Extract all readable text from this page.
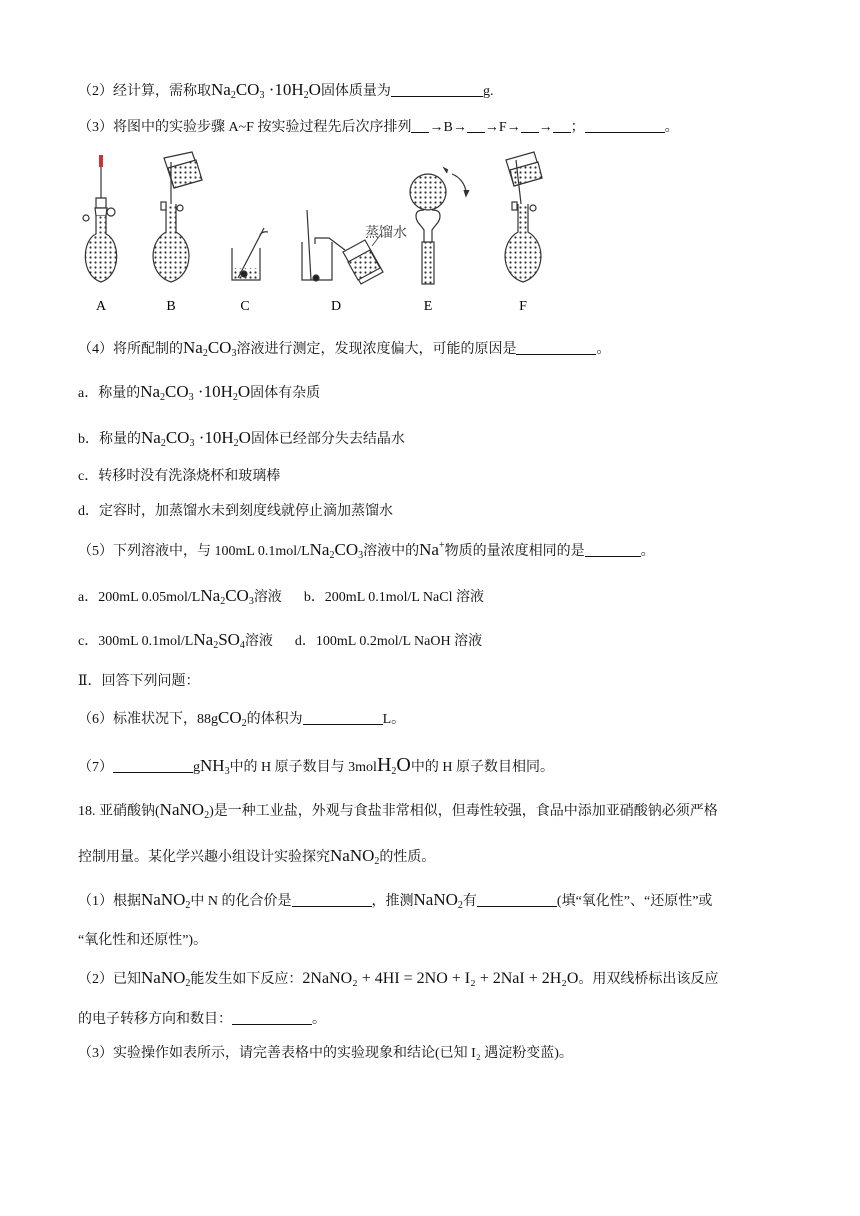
（2）经计算，需称取$Na_2CO_3 \cdot 10H_2O$固体质量为	g.
（3）将图中的实验步骤 A~F 按实验过程先后次序排列 →B→ →F→ → ；	。
蒸馏水
A	B	C	D	E	F
（4）将所配制的$Na_2CO_3$溶液进行测定，发现浓度偏大，可能的原因是	。
a．称量的$Na_2CO_3 \cdot 10H_2O$固体有杂质
b．称量的$Na_2CO_3 \cdot 10H_2O$固体已经部分失去结晶水
c．转移时没有洗涤烧杯和玻璃棒
d．定容时，加蒸馏水未到刻度线就停止滴加蒸馏水
（5）下列溶液中，与 100mL $0.1mol/LNa_2CO_3$溶液中的Na+物质的量浓度相同的是	。
a．200mL $0.05mol/LNa_2CO_3$溶液 b．200mL 0.1mol/L NaCl 溶液
c．300mL $0.1mol/LNa_2SO_4$溶液 d．100mL 0.2mol/L NaOH 溶液
Ⅱ．回答下列问题：
（6）标准状况下，88gCO$_2$的体积为	L。
（7）	gNH$_3$中的 H 原子数目与 3molH$_2$O中的 H 原子数目相同。
18. 亚硝酸钠(NaNO$_2$)是一种工业盐，外观与食盐非常相似，但毒性较强，食品中添加亚硝酸钠必须严格
控制用量。某化学兴趣小组设计实验探究NaNO$_2$的性质。
（1）根据NaNO$_2$中 N 的化合价是	，推测NaNO$_2$有	(填“氧化性”、“还原性”或
“氧化性和还原性”)。
（2）已知NaNO$_2$能发生如下反应：2NaNO₂ + 4HI = 2NO + I₂ + 2NaI + 2H₂O。用双线桥标出该反应
的电子转移方向和数目：	。
（3）实验操作如表所示，请完善表格中的实验现象和结论(已知 I₂ 遇淀粉变蓝)。
